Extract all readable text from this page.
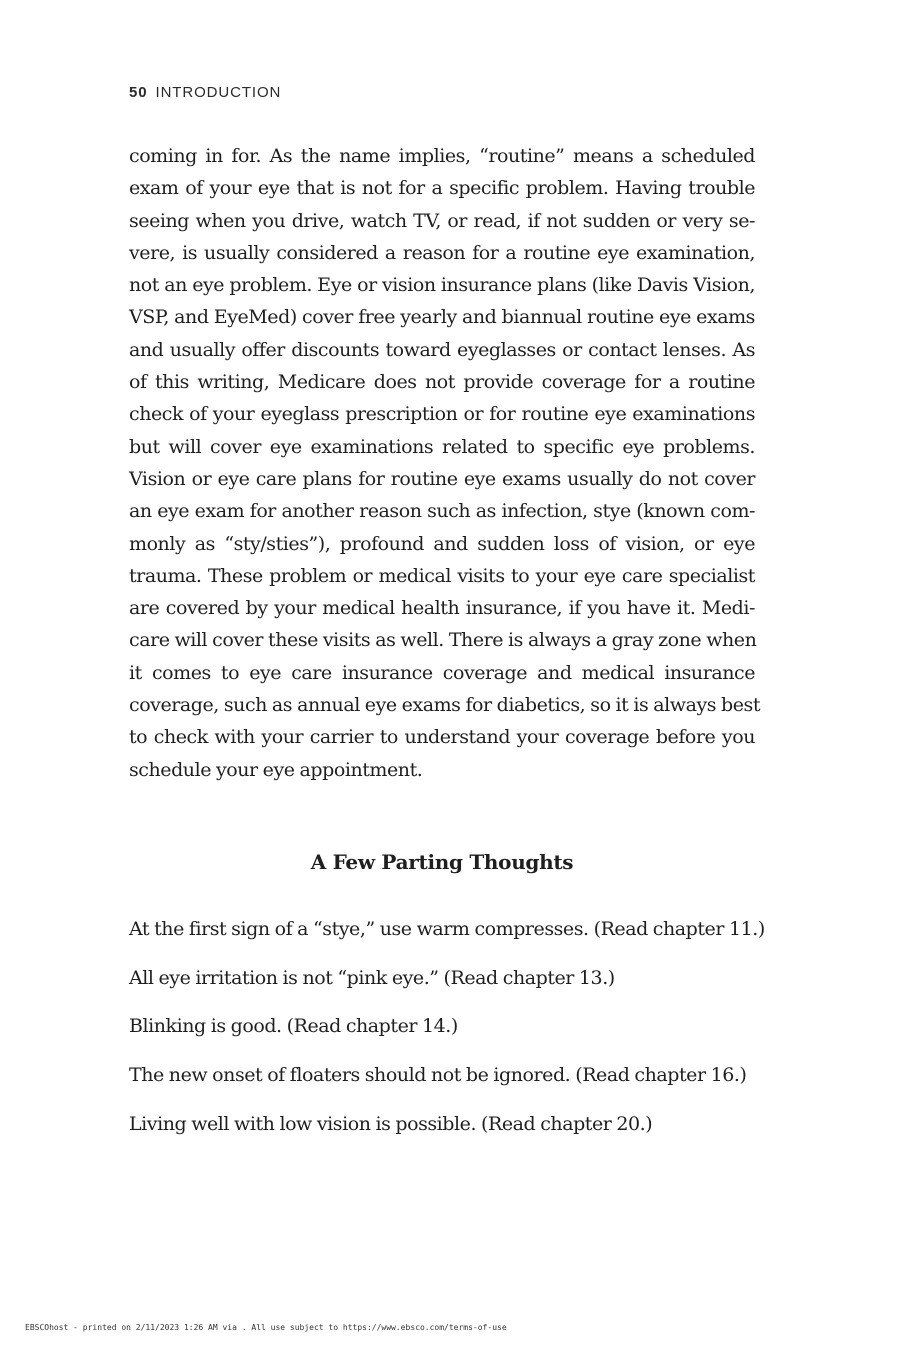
50 INTRODUCTION
coming in for. As the name implies, “routine” means a scheduled
exam of your eye that is not for a specific problem. Having trouble
seeing when you drive, watch TV, or read, if not sudden or very se-
vere, is usually considered a reason for a routine eye examination,
not an eye problem. Eye or vision insurance plans (like Davis Vision,
VSP, and EyeMed) cover free yearly and biannual routine eye exams
and usually offer discounts toward eyeglasses or contact lenses. As
of this writing, Medicare does not provide coverage for a routine
check of your eyeglass prescription or for routine eye examinations
but will cover eye examinations related to specific eye problems.
Vision or eye care plans for routine eye exams usually do not cover
an eye exam for another reason such as infection, stye (known com-
monly as “sty/sties”), profound and sudden loss of vision, or eye
trauma. These problem or medical visits to your eye care specialist
are covered by your medical health insurance, if you have it. Medi-
care will cover these visits as well. There is always a gray zone when
it comes to eye care insurance coverage and medical insurance
coverage, such as annual eye exams for diabetics, so it is always best
to check with your carrier to understand your coverage before you
schedule your eye appointment.
A Few Parting Thoughts
At the first sign of a “stye,” use warm compresses. (Read chapter 11.)
All eye irritation is not “pink eye.” (Read chapter 13.)
Blinking is good. (Read chapter 14.)
The new onset of floaters should not be ignored. (Read chapter 16.)
Living well with low vision is possible. (Read chapter 20.)
EBSCOhost - printed on 2/11/2023 1:26 AM via . All use subject to https://www.ebsco.com/terms-of-use
